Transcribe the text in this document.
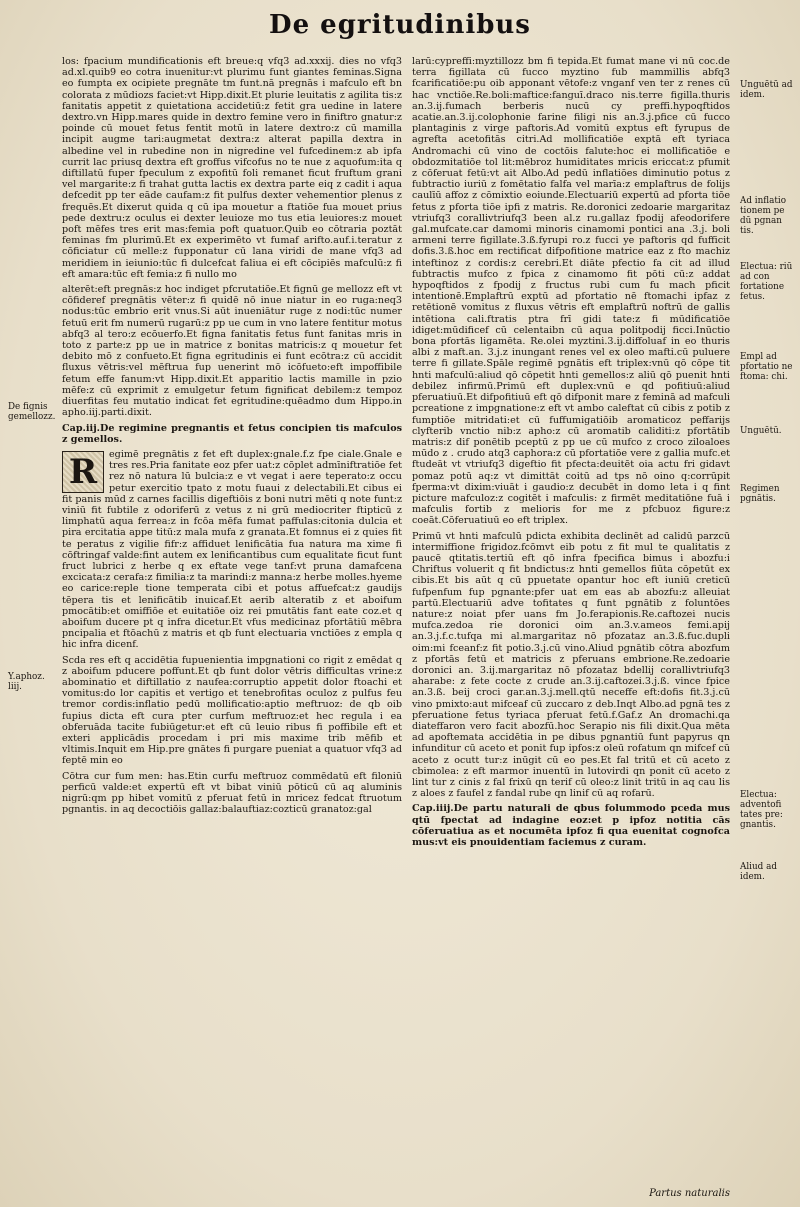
De egritudinibus

los: fpacium mundificationis eft breue:q vfq3 ad.xxxij. dies no vfq3 ad.xl.quib9 eo cotra inuenitur:vt plurimu funt giantes feminas.Signa eo fumpta ex ocipiete pregnāte tm funt.nā pregnās i mafculo eft bn colorata z mūdiozs faciet:vt Hipp.dixit.Et plurie leuitatis z agilita tis:z fanitatis appetit z quietationa accidetiū:z fetit gra uedine in latere dextro.vn Hipp.mares quide in dextro femine vero in finiftro gnatur:z poinde cū mouet fetus fentit motū in latere dextro:z cū mamilla incipit augme tari:augmetat dextra:z alterat papilla dextra in albedine vel in rubedine non in nigredine vel fufcedinem:z ab ipfa currit lac priusq dextra eft groffus vifcofus no te nue z aquofum:ita q diftillatū fuper fpeculum z expofitū foli remanet ficut fruftum grani vel margarite:z fi trahat gutta lactis ex dextra parte eiq z cadit i aqua defcedit pp ter eāde caufam:z fit pulfus dexter vehementior plenus z frequēs.Et dixerut quida q cū ipa mouetur a ftatiōe fua mouet prius pede dextru:z oculus ei dexter leuioze mo tus etia leuiores:z mouet poft mēfes tres erit mas:femia poft quatuor.Quib eo cōtraria poztāt feminas fm plurimū.Et ex experimēto vt fumaf arifto.auf.i.teratur z cōficiatur cū melle:z fupponatur cū lana viridi de mane vfq3 ad meridiem in ieiunio:tūc fi dulcefcat faliua ei eft cōcipiēs mafculū:z fi eft amara:tūc eft femia:z fi nullo mo

alterēt:eft pregnās:z hoc indiget pfcrutatiōe.Et fignū ge mellozz eft vt cōfideref pregnātis vēter:z fi quidē nō inue niatur in eo ruga:neq3 nodus:tūc embrio erit vnus.Si aūt inueniātur ruge z nodi:tūc numer fetuū erit fm numerū rugarū:z pp ue cum in vno latere fentitur motus abfq3 al tero:z ecōuerfo.Et figna fanitatis fetus funt fanitas mris in toto z parte:z pp ue in matrice z bonitas matricis:z q mouetur fet debito mō z confueto.Et figna egritudinis ei funt ecōtra:z cū accidit fluxus vētris:vel mēftrua fup uenerint mō icōfueto:eft impoffibile fetum effe fanum:vt Hipp.dixit.Et apparitio lactis mamille in pzio mēfe:z cū exprimit z emulgetur fetum fignificat debilem:z tempoz diuerfitas feu mutatio indicat fet egritudine:quēadmo dum Hippo.in apho.iij.parti.dixit.

Cap.iij.De regimine pregnantis et fetus concipien tis mafculos z gemellos.

R	egimē pregnātis z fet eft duplex:gnale.f.z fpe ciale.Gnale e tres res.Pria fanitate eoz pfer uat:z cōplet admīniftratiōe fet rez nō natura lū bulcia:z e vt vegat i aere teperato:z occu petur exercitio tpato z motu fuaui z delectabili.Et cibus ei fit panis mūd z carnes facillis digeftiōis z boni nutri mēti q note funt:z viniū fit fubtile z odoriferū z vetus z ni grū mediocriter ftipticū z limphatū aqua ferrea:z in fcōa mēfa fumat paffulas:citonia dulcia et pira ercitatia appe titū:z mala mufa z granata.Et fomnus ei z quies fit te peratus z vigilie fifr:z affiduet lenificātia fua natura ma xime fi cōftringaf valde:fint autem ex lenificantibus cum equalitate ficut funt fruct lubrici z herbe q ex eftate vege tanf:vt pruna damafcena excicata:z cerafa:z fimilia:z ta marindi:z manna:z herbe molles.hyeme eo carice:reple tione temperata cibi et potus affuefcat:z gaudijs tēpera tis et lenificātib inuicaf.Et aerib alteratib z et aboifum pmocātib:et omiffiōe et euitatiōe oiz rei pmutātis fant eate coz.et q aboifum ducere pt q infra dicetur.Et vfus medicinaz pfortātiū mēbra pncipalia et ftōachū z matris et qb funt electuaria vnctiōes z empla q hic infra dicenf.

Scda res eft q accidētia fupuenientia impgnationi co rigit z emēdat q z aboifum pducere poffunt.Et qb funt dolor vētris difficultas vrine:z abominatio et diftillatio z naufea:corruptio appetit dolor ftoachi et vomitus:do lor capitis et vertigo et tenebrofitas oculoz z pulfus feu tremor cordis:inflatio pedū mollificatio:aptio meftruoz: de qb oib fupius dicta eft cura pter curfum meftruoz:et hec regula i ea obferuāda tacite fubiūgetur:et eft cū leuio ribus fi poffibile eft et exteri applicādis procedam i pri mis maxime trib mēfib et vltimis.Inquit em Hip.pre gnātes fi purgare pueniat a quatuor vfq3 ad feptē min eo

Cōtra cur fum men: has.Etin curfu meftruoz commēdatū eft filoniū perficū valde:et expertū eft vt bibat viniū pōticū cū aq aluminis nigrū:qm pp hibet vomitū z pferuat fetū in mricez fedcat ftruotum pgnantis. in aq decoctiōis gallaz:balauftiaz:cozticū granatoz:gal

larū:cypreffi:myztillozz bm fi tepida.Et fumat mane vi nū coc.de terra figillata cū fucco myztino fub mammillis abfq3 fcarificatiōe:pu oib apponant vētofe:z vnganf ven ter z renes cū hac vnctiōe.Re.boli:maftice:fanguī.draco nis.terre figilla.thuris an.3.ij.fumach berberis nucū cy preffi.hypoqftidos acatie.an.3.ij.colophonie farine filigi nis an.3.j.pfice cū fucco plantaginis z virge paftoris.Ad vomitū exptus eft fyrupus de agrefta acetofitās citri.Ad mollificatiōe exptā eft tyriaca Andromachi cū vino de coctōis falute:hoc ei mollificatiōe e obdozmitatiōe tol lit:mēbroz humiditates mricis ericcat:z pfumit z cōferuat fetū:vt ait Albo.Ad pedū inflatiōes diminutio potus z fubtractio iuriū z fomētatio falfa vel marīa:z emplaftrus de folijs caulīū affoz z cōmixtio eoiunde.Electuariū expertū ad pforta tiōe fetus z pforta tiōe ipfi z matris. Re.doronici zedoarie margaritaz vtriufq3 corallivtriufq3 been al.z ru.gallaz fpodij afeodorifere gal.mufcate.car damomi minoris cinamomi pontici ana .3.j. boli armeni terre figillate.3.ß.fyrupi ro.z fucci ye paftoris qd fufficit dofis.3.ß.hoc em rectificat difpofitione matrice eaz z fto machiz inteftinoz z cordis:z cerebri.Et diāte pfectio fa cit ad illud fubtractis mufco z fpica z cinamomo fit pōti cū:z addat hypoqftidos z fpodij z fructus rubi cum fu mach pficit intentionē.Emplaftrū exptū ad pfortatio nē ftomachi ipfaz z retētionē vomitus z fluxus vētris eft emplaftrū noftrū de gallis intētiona cali.ftratis ptra frī gidi tate:z fi mūdificatiōe idiget:mūdificef cū celentaibn cū aqua politpodij ficci.Inūctio bona pfortās ligamēta. Re.olei myztini.3.ij.diffoluaf in eo thuris albi z maft.an. 3.j.z inungant renes vel ex oleo mafti.cū puluere terre fi gillate.Spāle regimē pgnātis eft triplex:vnū qō cōpe tit hnti mafculū:aliud qō cōpetit hnti gemellos:z aliū qō puenit hnti debilez infirmū.Primū eft duplex:vnū e qd pofitiuū:aliud pferuatiuū.Et difpofitiuū eft qō difponit mare z feminā ad mafculi pcreatione z impgnatione:z eft vt ambo caleftat cū cibis z potib z fumptiōe mitridati:et cū fuffumigatiōib aromaticoz peffarijs clyfterib vnctio nib:z apho:z cū aromatib caliditi:z pfortātib matris:z dif ponētib pceptū z pp ue cū mufco z croco ziloaloes mūdo z . crudo atq3 caphora:z cū pfortatiōe vere z gallia mufc.et ftudeāt vt vtriufq3 digeftio fit pfecta:deuitēt oia actu fri gidavt pomaz potū aq:z vt dimittāt coitū ad tps nō oino q:corrūpit fperma:vt dixim:viuāt i gaudio:z decubēt in domo leta i q fint picture mafculoz:z cogitēt i mafculis: z firmēt meditatiōne fuā i mafculis fortib z melioris for me z pfcbuoz figure:z coeāt.Cōferuatiuū eo eft triplex.

Primū vt hnti mafculū pdicta exhibita declinēt ad calidū parzcū intermiffione frigidoz.fcōmvt eib potu z fit mul te qualitatis z paucē qtitatis.tertiū eft qō infra fpecifica bimus i abozfu:i Chriftus voluerit q fit bndictus:z hnti gemellos fiūta cōpetūt ex cibis.Et bis aūt q cū ppuetate opantur hoc eft iuniū creticū fufpenfum fup pgnante:pfer uat em eas ab abozfu:z alleuiat partū.Electuariū adve tofitates q funt pgnātib z foluntōes nature:z noiat pfer uans fm Jo.ferapionis.Re.caftozei nucis mufca.zedoa rie doronici oim an.3.v.ameos femi.apij an.3.j.f.c.tufqa mi al.margaritaz nō pfozataz an.3.ß.fuc.dupli oim:mi fceanf:z fit potio.3.j.cū vino.Aliud pgnātib cōtra abozfum z pfortās fetū et matricis z pferuans embrione.Re.zedoarie doronici an. 3.ij.margaritaz nō pfozataz bdellij corallivtriufq3 aharabe: z fete cocte z crude an.3.ij.caftozei.3.j.ß. vince fpice an.3.ß. beij croci gar.an.3.j.mell.qtū neceffe eft:dofis fit.3.j.cū vino pmixto:aut mifceaf cū zuccaro z deb.Inqt Albo.ad pgnā tes z pferuatione fetus tyriaca pferuat fetū.f.Gaf.z An dromachi.qa diateffaron vero facit abozfū.hoc Serapio nis fili dixit.Qua mēta ad apoftemata accidētia in pe dibus pgnantiū funt papyrus qn infunditur cū aceto et ponit fup ipfos:z oleū rofatum qn mifcef cū aceto z ocutt tur:z inūgit cū eo pes.Et fal tritū et cū aceto z cbimolea: z eft marmor inuentū in lutovirdi qn ponit cū aceto z lint tur z cinis z fal frixū qn terif cū oleo:z linit tritū in aq cau lis z aloes z faufel z fandal rube qn linif cū aq rofarū.

Cap.iiij.De partu naturali de qbus folummodo pceda mus qtū fpectat ad indagine eoz:et p ipfoz notitia cās cōferuatiua as et nocumēta ipfoz fi qua euenitat cognofca mus:vt eis pnouidentiam faciemus z curam.

De fignis gemellozz.
Y.aphoz. liij.
Unguētū ad idem.
Ad inflatio tionem pe dū pgnan tis.
Electua: riū ad con fortatione fetus.
Empl ad pfortatio ne ftoma: chi.
Unguētū.
Regimen pgnātis.
Electua: adventofi tates pre: gnantis.
Aliud ad idem.
Partus naturalis
